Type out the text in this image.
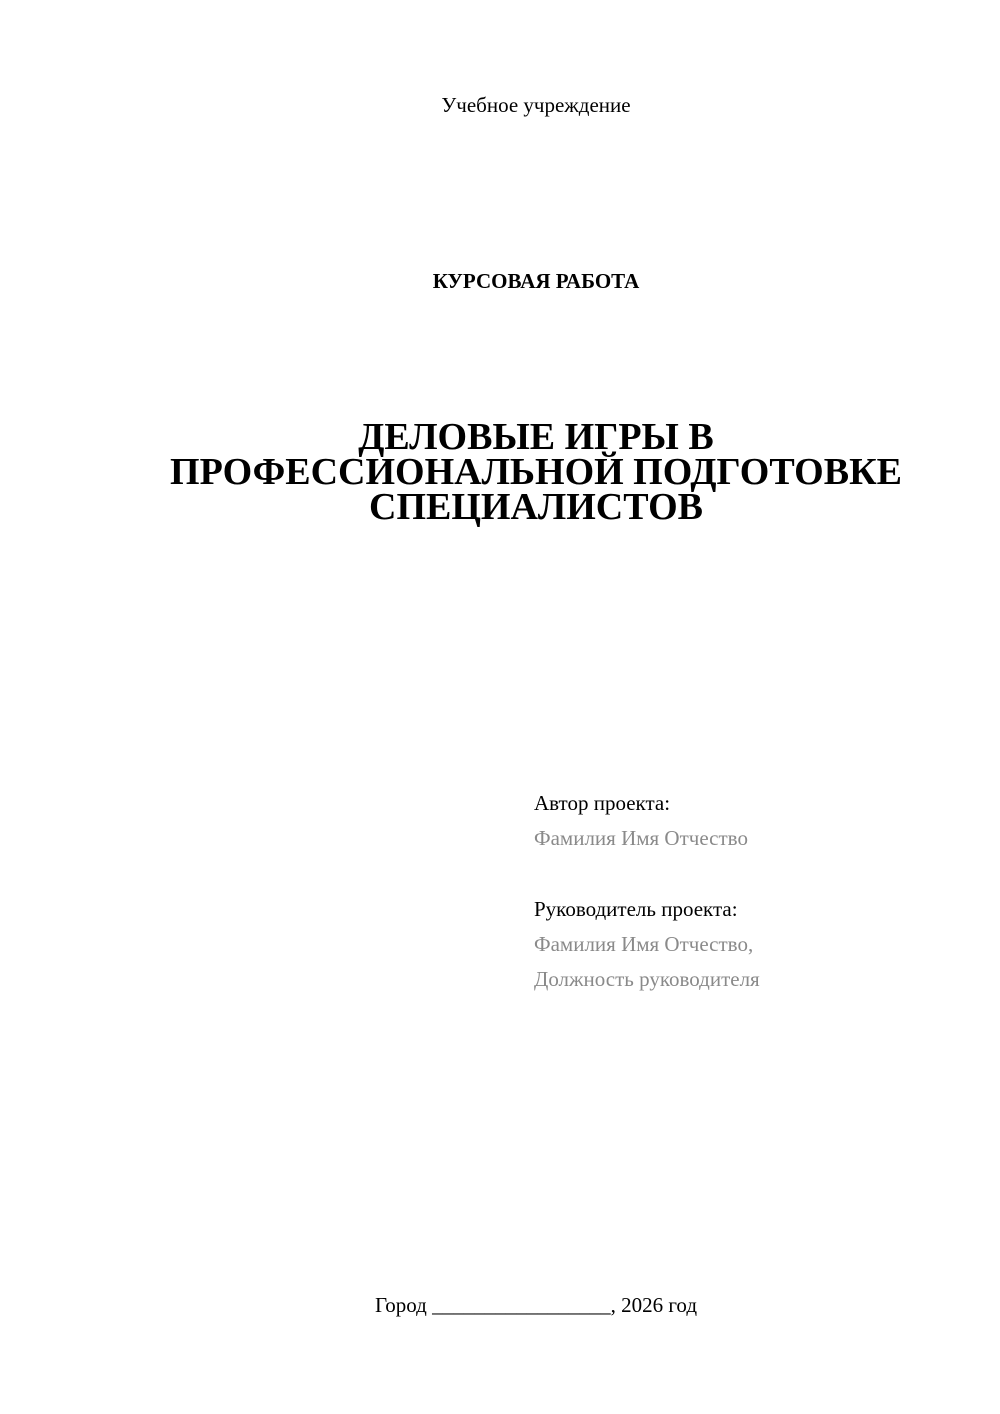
Учебное учреждение
КУРСОВАЯ РАБОТА
ДЕЛОВЫЕ ИГРЫ В
ПРОФЕССИОНАЛЬНОЙ ПОДГОТОВКЕ
СПЕЦИАЛИСТОВ
Автор проекта:
Фамилия Имя Отчество
Руководитель проекта:
Фамилия Имя Отчество,
Должность руководителя
Город _________________, 2026 год
